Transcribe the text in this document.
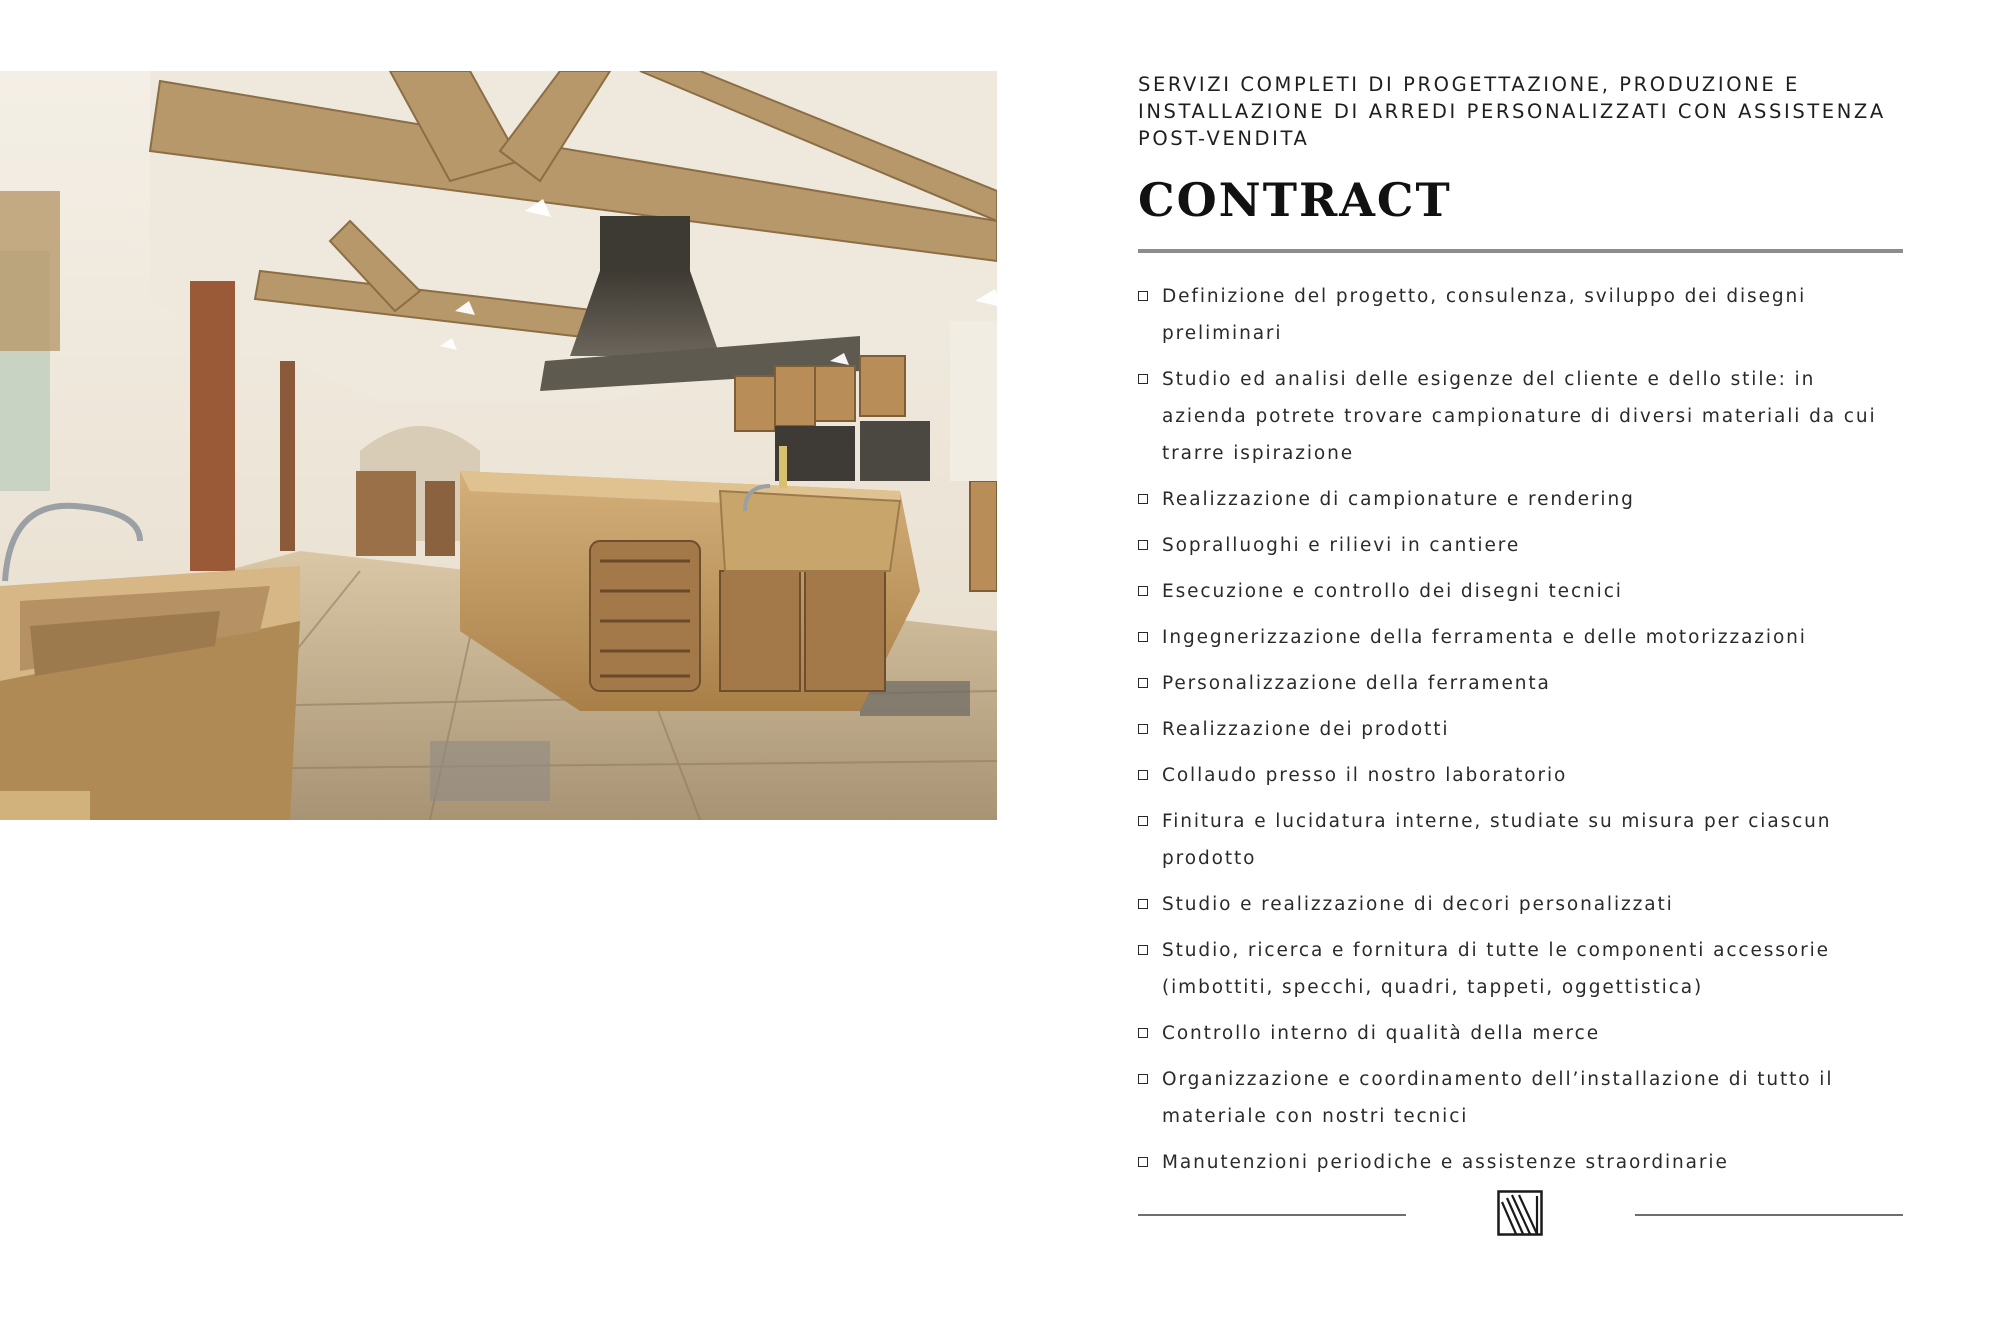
SERVIZI COMPLETI DI PROGETTAZIONE, PRODUZIONE E INSTALLAZIONE DI ARREDI PERSONALIZZATI CON ASSISTENZA POST-VENDITA

CONTRACT
Definizione del progetto, consulenza, sviluppo dei disegni preliminari
Studio ed analisi delle esigenze del cliente e dello stile: in azienda potrete trovare campionature di diversi materiali da cui trarre ispirazione
Realizzazione di campionature e rendering
Sopralluoghi e rilievi in cantiere
Esecuzione e controllo dei disegni tecnici
Ingegnerizzazione della ferramenta e delle motorizzazioni
Personalizzazione della ferramenta
Realizzazione dei prodotti
Collaudo presso il nostro laboratorio
Finitura e lucidatura interne, studiate su misura per ciascun prodotto
Studio e realizzazione di decori personalizzati
Studio, ricerca e fornitura di tutte le componenti accessorie (imbottiti, specchi, quadri, tappeti, oggettistica)
Controllo interno di qualità della merce
Organizzazione e coordinamento dell’installazione di tutto il materiale con nostri tecnici
Manutenzioni periodiche e assistenze straordinarie
